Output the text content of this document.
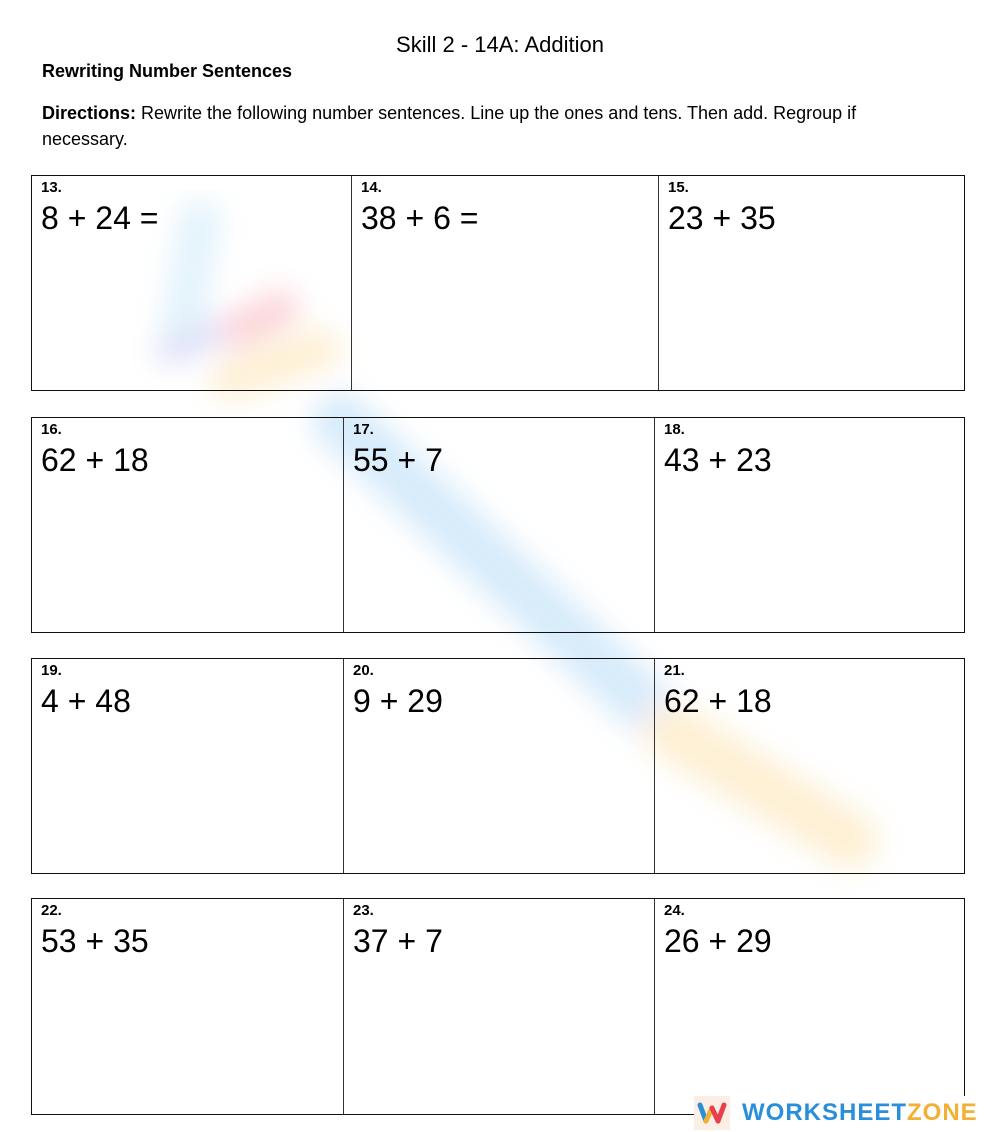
Skill 2 - 14A: Addition
Rewriting Number Sentences
Directions: Rewrite the following number sentences. Line up the ones and tens. Then add. Regroup if necessary.
13.
8 + 24 =
14.
38 + 6 =
15.
23 + 35
16.
62 + 18
17.
55 + 7
18.
43 + 23
19.
4 + 48
20.
9 + 29
21.
62 + 18
22.
53 + 35
23.
37 + 7
24.
26 + 29
WORKSHEETZONE
